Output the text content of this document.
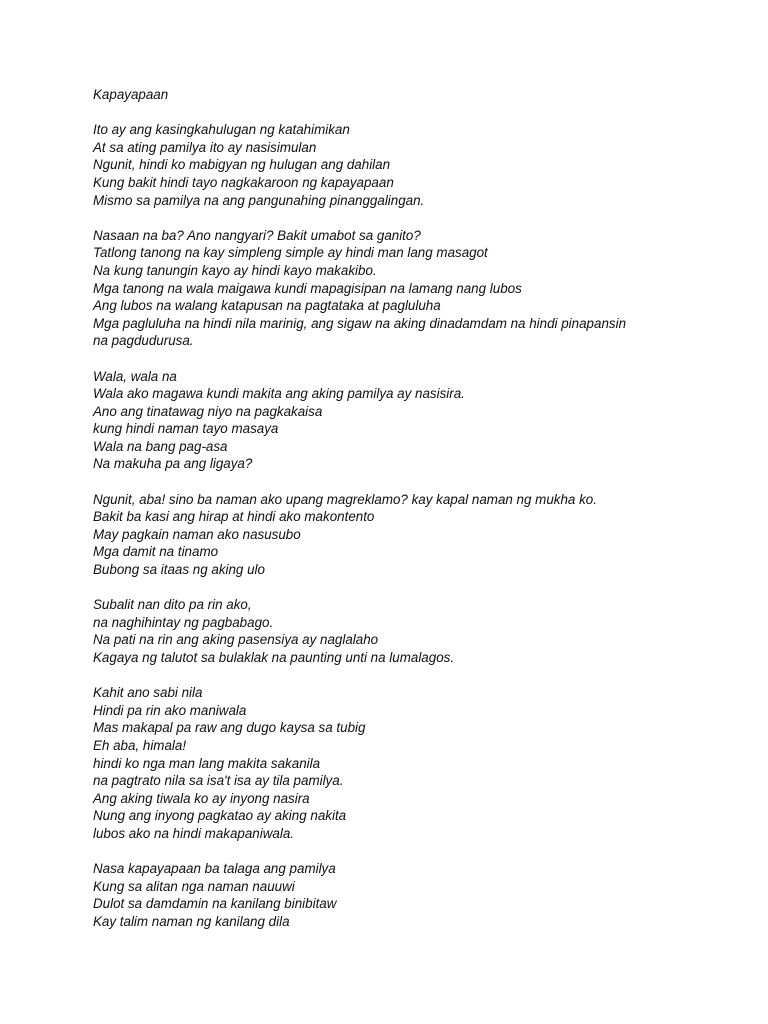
Kapayapaan
Ito ay ang kasingkahulugan ng katahimikan
At sa ating pamilya ito ay nasisimulan
Ngunit, hindi ko mabigyan ng hulugan ang dahilan
Kung bakit hindi tayo nagkakaroon ng kapayapaan
Mismo sa pamilya na ang pangunahing pinanggalingan.
Nasaan na ba? Ano nangyari? Bakit umabot sa ganito?
Tatlong tanong na kay simpleng simple ay hindi man lang masagot
Na kung tanungin kayo ay hindi kayo makakibo.
Mga tanong na wala maigawa kundi mapagisipan na lamang nang lubos
Ang lubos na walang katapusan na pagtataka at pagluluha
Mga pagluluha na hindi nila marinig, ang sigaw na aking dinadamdam na hindi pinapansin
na pagdudurusa.
Wala, wala na
Wala ako magawa kundi makita ang aking pamilya ay nasisira.
Ano ang tinatawag niyo na pagkakaisa
kung hindi naman tayo masaya
Wala na bang pag-asa
Na makuha pa ang ligaya?
Ngunit, aba! sino ba naman ako upang magreklamo? kay kapal naman ng mukha ko.
Bakit ba kasi ang hirap at hindi ako makontento
May pagkain naman ako nasusubo
Mga damit na tinamo
Bubong sa itaas ng aking ulo
Subalit nan dito pa rin ako,
na naghihintay ng pagbabago.
Na pati na rin ang aking pasensiya ay naglalaho
Kagaya ng talutot sa bulaklak na paunting unti na lumalagos.
Kahit ano sabi nila
Hindi pa rin ako maniwala
Mas makapal pa raw ang dugo kaysa sa tubig
Eh aba, himala!
hindi ko nga man lang makita sakanila
na pagtrato nila sa isa't isa ay tila pamilya.
Ang aking tiwala ko ay inyong nasira
Nung ang inyong pagkatao ay aking nakita
lubos ako na hindi makapaniwala.
Nasa kapayapaan ba talaga ang pamilya
Kung sa alitan nga naman nauuwi
Dulot sa damdamin na kanilang binibitaw
Kay talim naman ng kanilang dila
